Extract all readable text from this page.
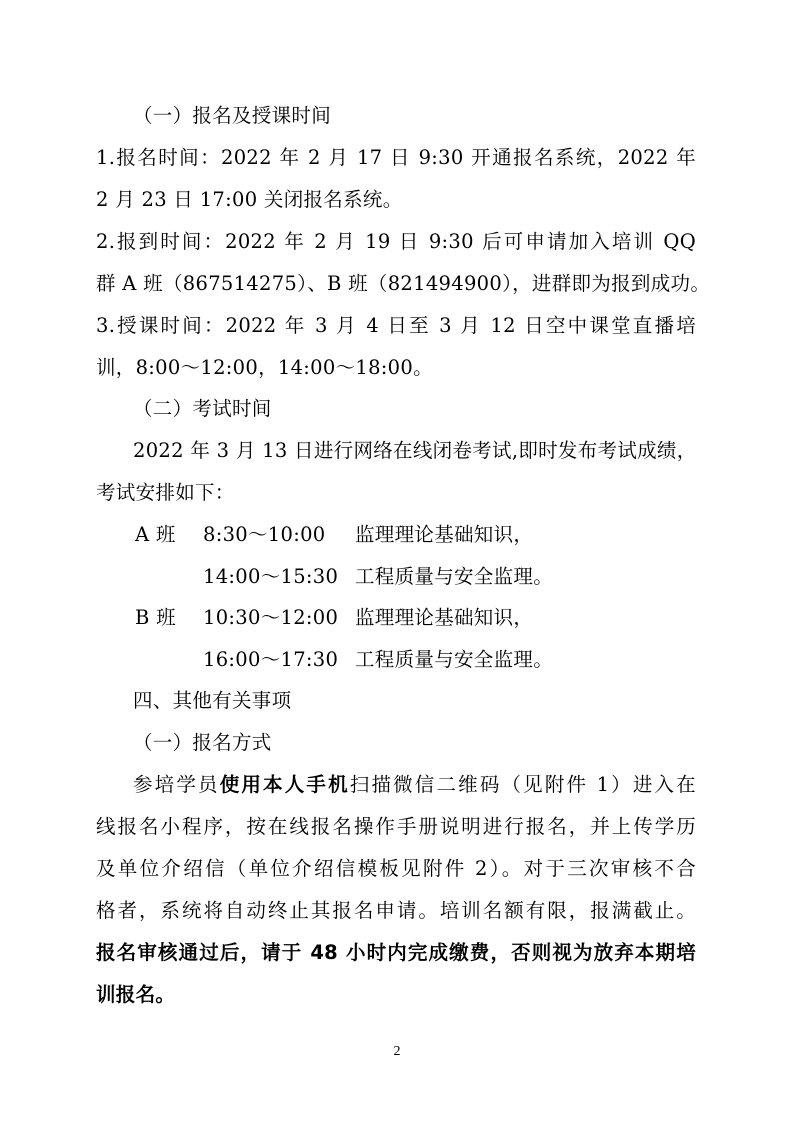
（一）报名及授课时间
1.报名时间：2022 年 2 月 17 日 9:30 开通报名系统，2022 年
2 月 23 日 17:00 关闭报名系统。
2.报到时间：2022 年 2 月 19 日 9:30 后可申请加入培训 QQ
群 A 班（867514275）、B 班（821494900），进群即为报到成功。
3.授课时间：2022 年 3 月 4 日至 3 月 12 日空中课堂直播培
训，8:00～12:00，14:00～18:00。
（二）考试时间
2022 年 3 月 13 日进行网络在线闭卷考试,即时发布考试成绩，
考试安排如下：
A 班 8:30～10:00 监理理论基础知识，
14:00～15:30 工程质量与安全监理。
B 班 10:30～12:00 监理理论基础知识，
16:00～17:30 工程质量与安全监理。
四、其他有关事项
（一）报名方式
参培学员使用本人手机扫描微信二维码（见附件 1）进入在
线报名小程序，按在线报名操作手册说明进行报名，并上传学历
及单位介绍信（单位介绍信模板见附件 2）。对于三次审核不合
格者，系统将自动终止其报名申请。培训名额有限，报满截止。
报名审核通过后，请于 48 小时内完成缴费，否则视为放弃本期培
训报名。
2
